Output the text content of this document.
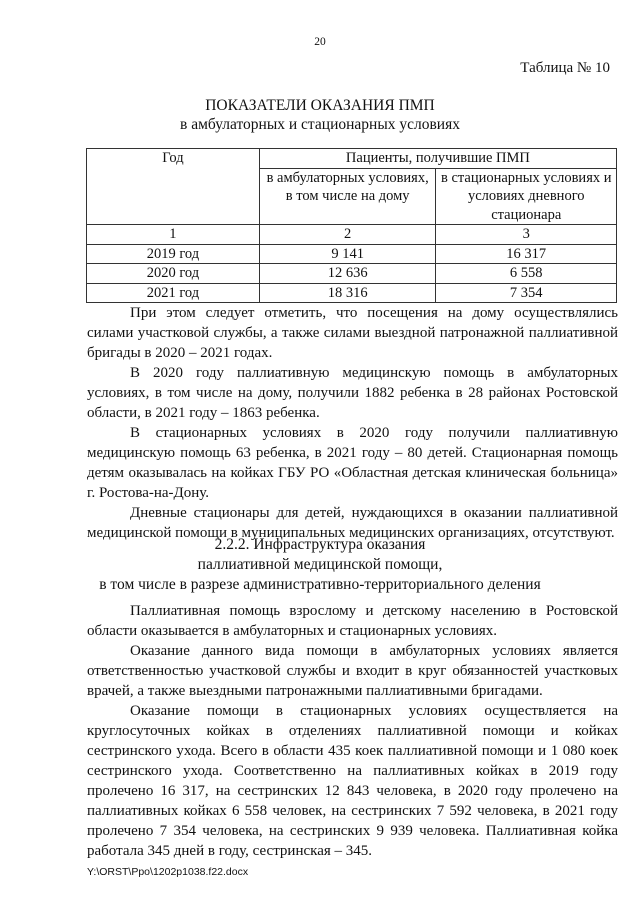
20
Таблица № 10
ПОКАЗАТЕЛИ ОКАЗАНИЯ ПМП
в амбулаторных и стационарных условиях
Год	Пациенты, получившие ПМП	
	в амбулаторных условиях, в том числе на дому	в стационарных условиях и условиях дневного стационара
1	2	3
2019 год	9 141	16 317
2020 год	12 636	6 558
2021 год	18 316	7 354

При этом следует отметить, что посещения на дому осуществлялись силами участковой службы, а также силами выездной патронажной паллиативной бригады в 2020 – 2021 годах.

В 2020 году паллиативную медицинскую помощь в амбулаторных условиях, в том числе на дому, получили 1882 ребенка в 28 районах Ростовской области, в 2021 году – 1863 ребенка.

В стационарных условиях в 2020 году получили паллиативную медицинскую помощь 63 ребенка, в 2021 году – 80 детей. Стационарная помощь детям оказывалась на койках ГБУ РО «Областная детская клиническая больница» г. Ростова-на-Дону.

Дневные стационары для детей, нуждающихся в оказании паллиативной медицинской помощи в муниципальных медицинских организациях, отсутствуют.

2.2.2. Инфраструктура оказания
паллиативной медицинской помощи,
в том числе в разрезе административно-территориального деления

Паллиативная помощь взрослому и детскому населению в Ростовской области оказывается в амбулаторных и стационарных условиях.

Оказание данного вида помощи в амбулаторных условиях является ответственностью участковой службы и входит в круг обязанностей участковых врачей, а также выездными патронажными паллиативными бригадами.

Оказание помощи в стационарных условиях осуществляется на круглосуточных койках в отделениях паллиативной помощи и койках сестринского ухода. Всего в области 435 коек паллиативной помощи и 1 080 коек сестринского ухода. Соответственно на паллиативных койках в 2019 году пролечено 16 317, на сестринских 12 843 человека, в 2020 году пролечено на паллиативных койках 6 558 человек, на сестринских 7 592 человека, в 2021 году пролечено 7 354 человека, на сестринских 9 939 человека. Паллиативная койка работала 345 дней в году, сестринская – 345.

Y:\ORST\Ppo\1202p1038.f22.docx
